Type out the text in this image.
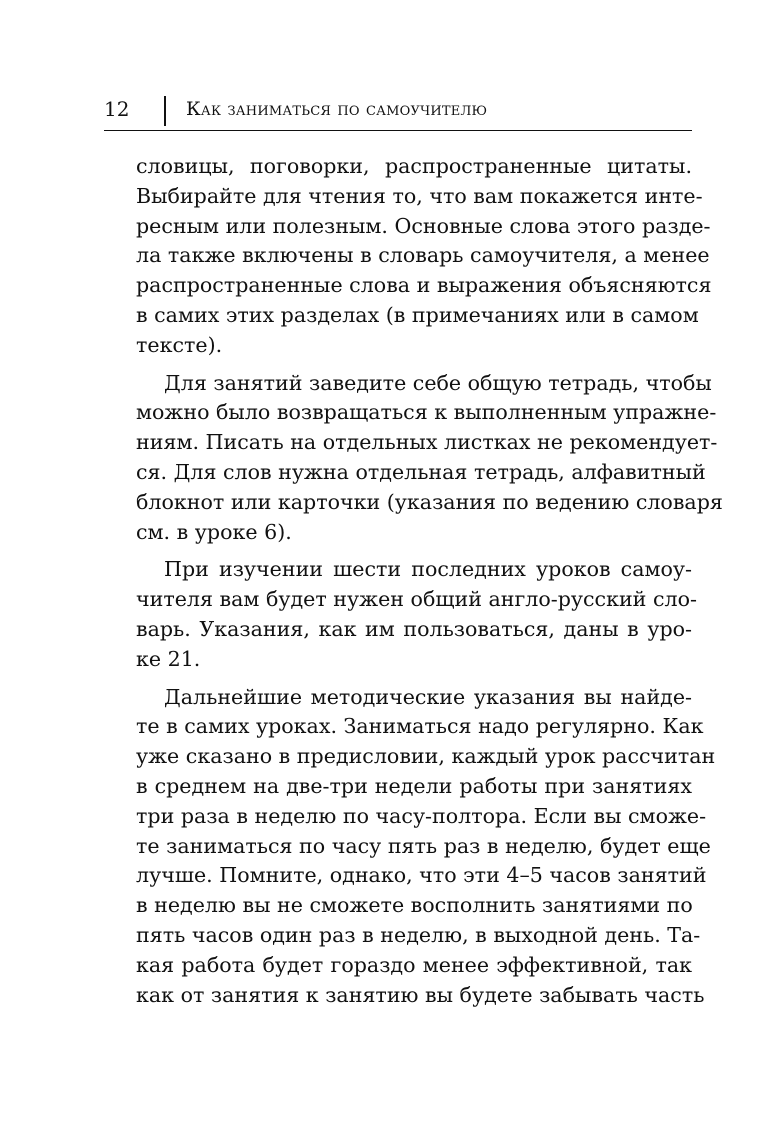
12	Как заниматься по самоучителю
словицы, поговорки, распространенные цитаты.
Выбирайте для чтения то, что вам покажется инте-
ресным или полезным. Основные слова этого разде-
ла также включены в словарь самоучителя, а менее
распространенные слова и выражения объясняются
в самих этих разделах (в примечаниях или в самом
тексте).
Для занятий заведите себе общую тетрадь, чтобы
можно было возвращаться к выполненным упражне-
ниям. Писать на отдельных листках не рекомендует-
ся. Для слов нужна отдельная тетрадь, алфавитный
блокнот или карточки (указания по ведению словаря
см. в уроке 6).
При изучении шести последних уроков самоу-
чителя вам будет нужен общий англо-русский сло-
варь. Указания, как им пользоваться, даны в уро-
ке 21.
Дальнейшие методические указания вы найде-
те в самих уроках. Заниматься надо регулярно. Как
уже сказано в предисловии, каждый урок рассчитан
в среднем на две-три недели работы при занятиях
три раза в неделю по часу-полтора. Если вы сможе-
те заниматься по часу пять раз в неделю, будет еще
лучше. Помните, однако, что эти 4–5 часов занятий
в неделю вы не сможете восполнить занятиями по
пять часов один раз в неделю, в выходной день. Та-
кая работа будет гораздо менее эффективной, так
как от занятия к занятию вы будете забывать часть
